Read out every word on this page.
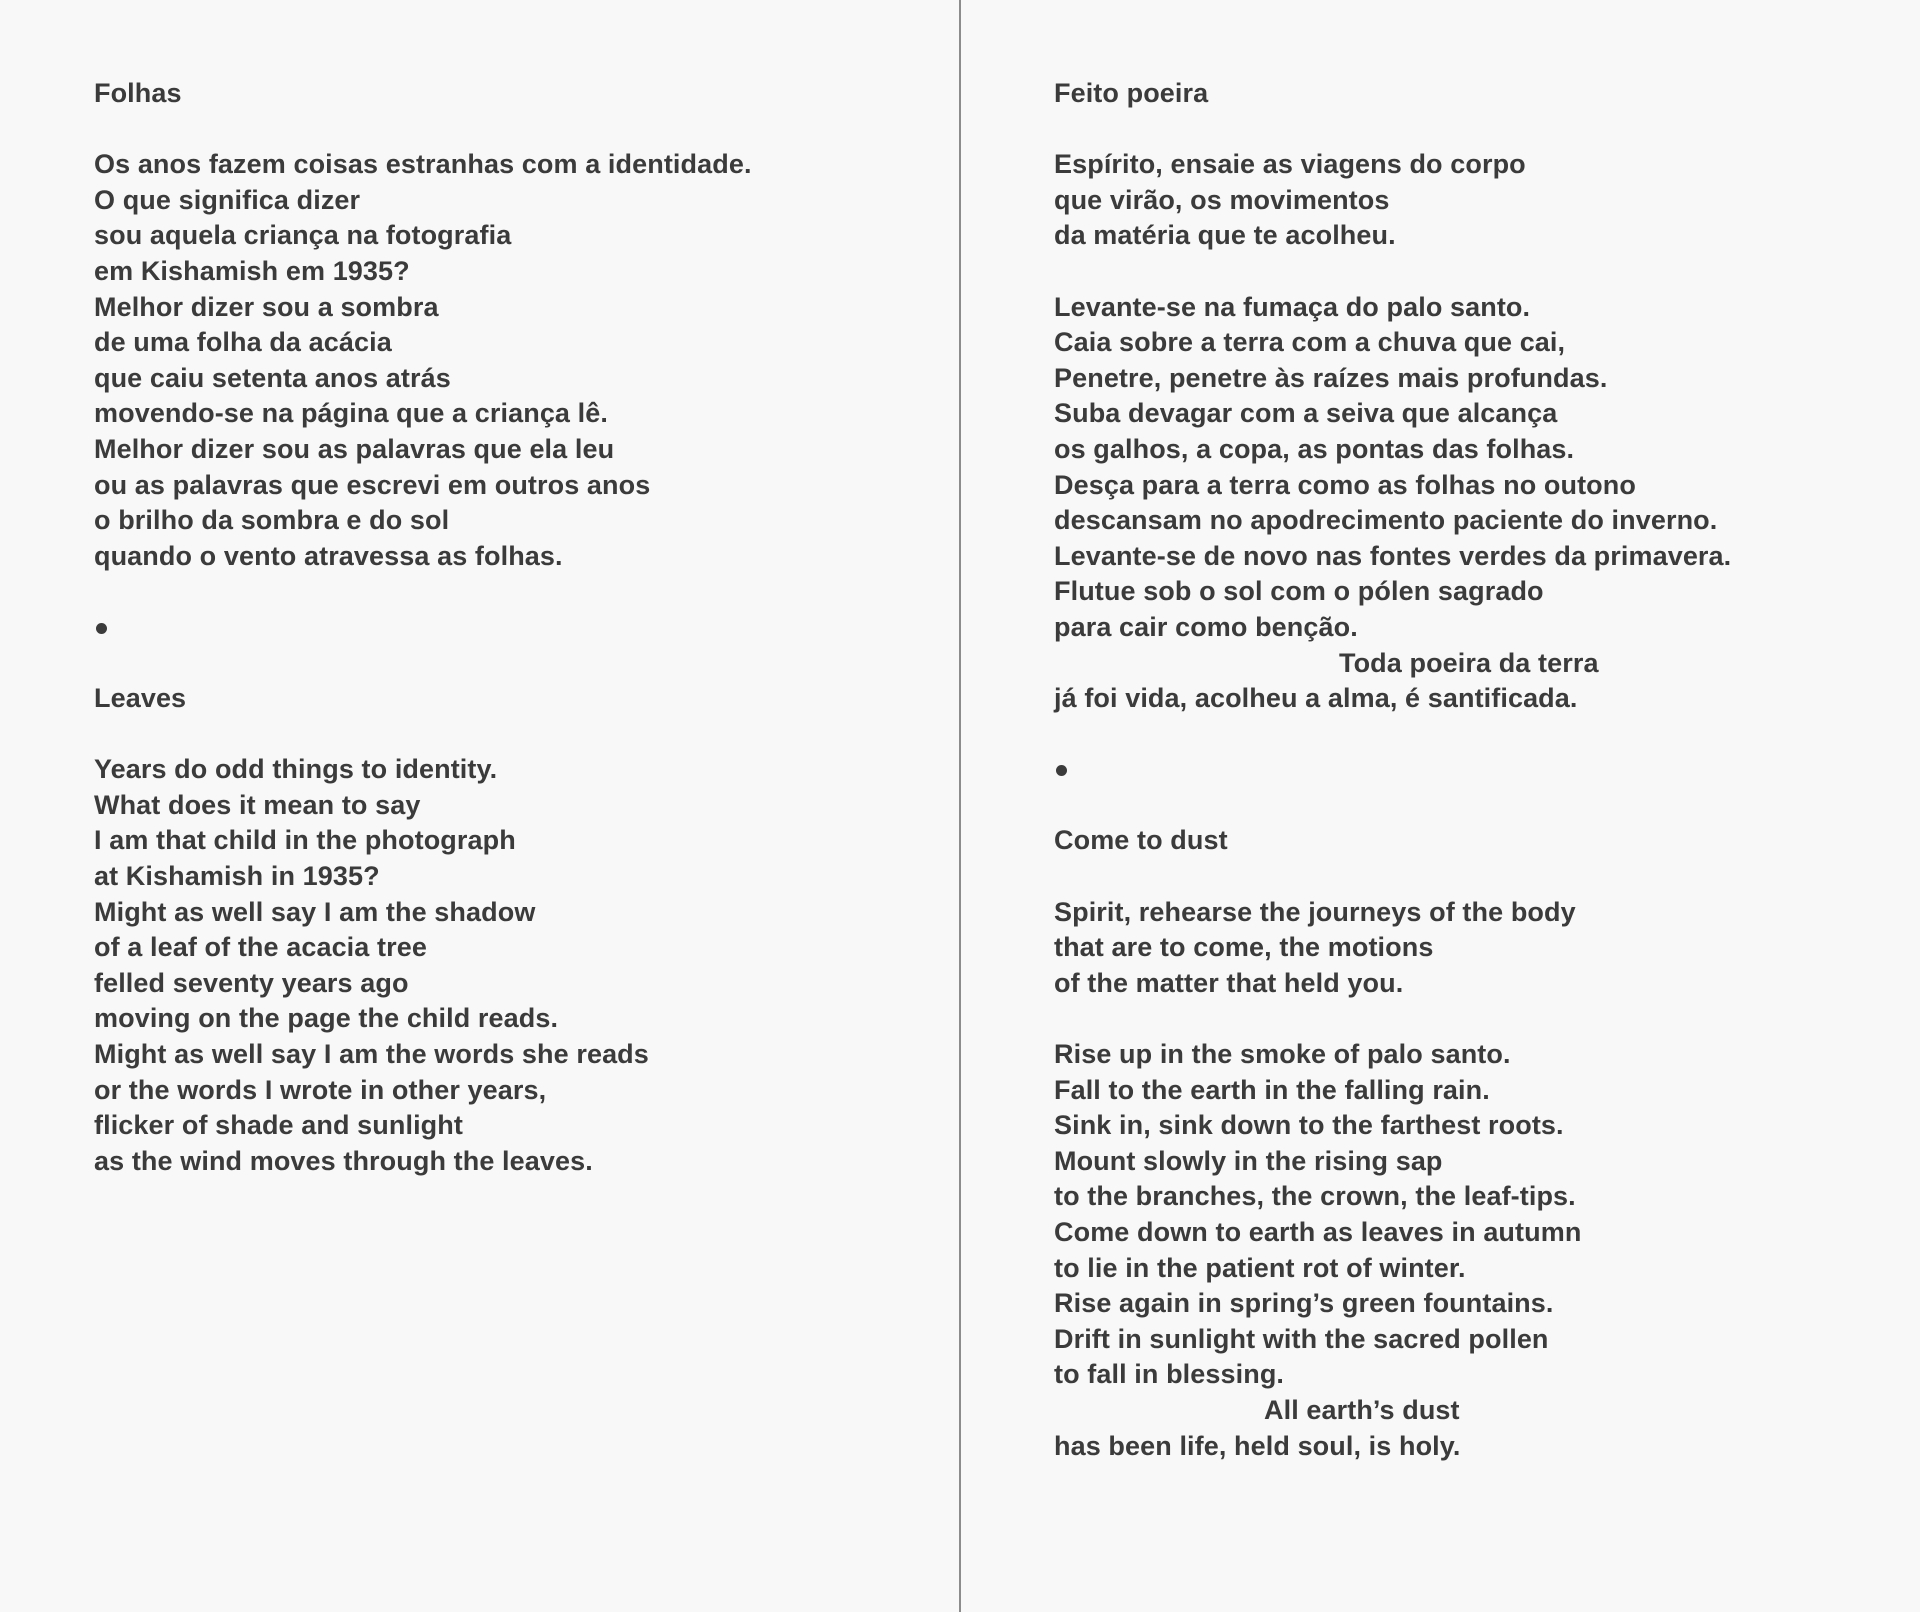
Folhas
Os anos fazem coisas estranhas com a identidade.
O que significa dizer
sou aquela criança na fotografia
em Kishamish em 1935?
Melhor dizer sou a sombra
de uma folha da acácia
que caiu setenta anos atrás
movendo-se na página que a criança lê.
Melhor dizer sou as palavras que ela leu
ou as palavras que escrevi em outros anos
o brilho da sombra e do sol
quando o vento atravessa as folhas.
Leaves
Years do odd things to identity.
What does it mean to say
I am that child in the photograph
at Kishamish in 1935?
Might as well say I am the shadow
of a leaf of the acacia tree
felled seventy years ago
moving on the page the child reads.
Might as well say I am the words she reads
or the words I wrote in other years,
flicker of shade and sunlight
as the wind moves through the leaves.
Feito poeira
Espírito, ensaie as viagens do corpo
que virão, os movimentos
da matéria que te acolheu.
Levante-se na fumaça do palo santo.
Caia sobre a terra com a chuva que cai,
Penetre, penetre às raízes mais profundas.
Suba devagar com a seiva que alcança
os galhos, a copa, as pontas das folhas.
Desça para a terra como as folhas no outono
descansam no apodrecimento paciente do inverno.
Levante-se de novo nas fontes verdes da primavera.
Flutue sob o sol com o pólen sagrado
para cair como benção.
Toda poeira da terra
já foi vida, acolheu a alma, é santificada.
Come to dust
Spirit, rehearse the journeys of the body
that are to come, the motions
of the matter that held you.
Rise up in the smoke of palo santo.
Fall to the earth in the falling rain.
Sink in, sink down to the farthest roots.
Mount slowly in the rising sap
to the branches, the crown, the leaf-tips.
Come down to earth as leaves in autumn
to lie in the patient rot of winter.
Rise again in spring’s green fountains.
Drift in sunlight with the sacred pollen
to fall in blessing.
All earth’s dust
has been life, held soul, is holy.
